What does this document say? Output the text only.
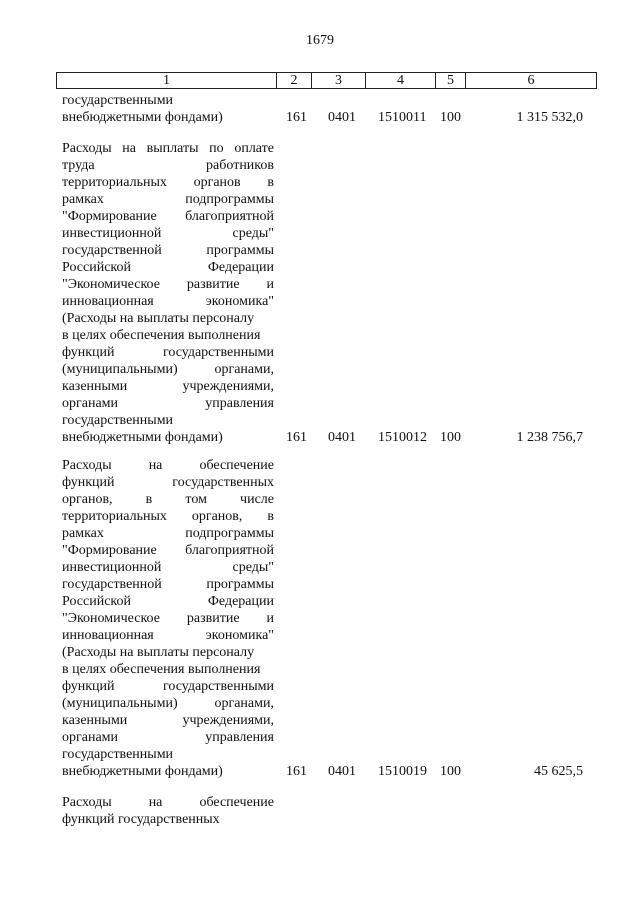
1679
1	2	3	4	5	6
государственными
внебюджетными фондами)	161 0401 1510011 100	1 315 532,0
Расходы на выплаты по оплате
труда работников
территориальных органов в
рамках подпрограммы
"Формирование благоприятной
инвестиционной среды"
государственной программы
Российской Федерации
"Экономическое развитие и
инновационная экономика"
(Расходы на выплаты персоналу
в целях обеспечения выполнения
функций государственными
(муниципальными) органами,
казенными учреждениями,
органами управления
государственными
внебюджетными фондами)	161 0401 1510012 100	1 238 756,7
Расходы на обеспечение
функций государственных
органов, в том числе
территориальных органов, в
рамках подпрограммы
"Формирование благоприятной
инвестиционной среды"
государственной программы
Российской Федерации
"Экономическое развитие и
инновационная экономика"
(Расходы на выплаты персоналу
в целях обеспечения выполнения
функций государственными
(муниципальными) органами,
казенными учреждениями,
органами управления
государственными
внебюджетными фондами)	161 0401 1510019 100	45 625,5
Расходы на обеспечение
функций государственных
